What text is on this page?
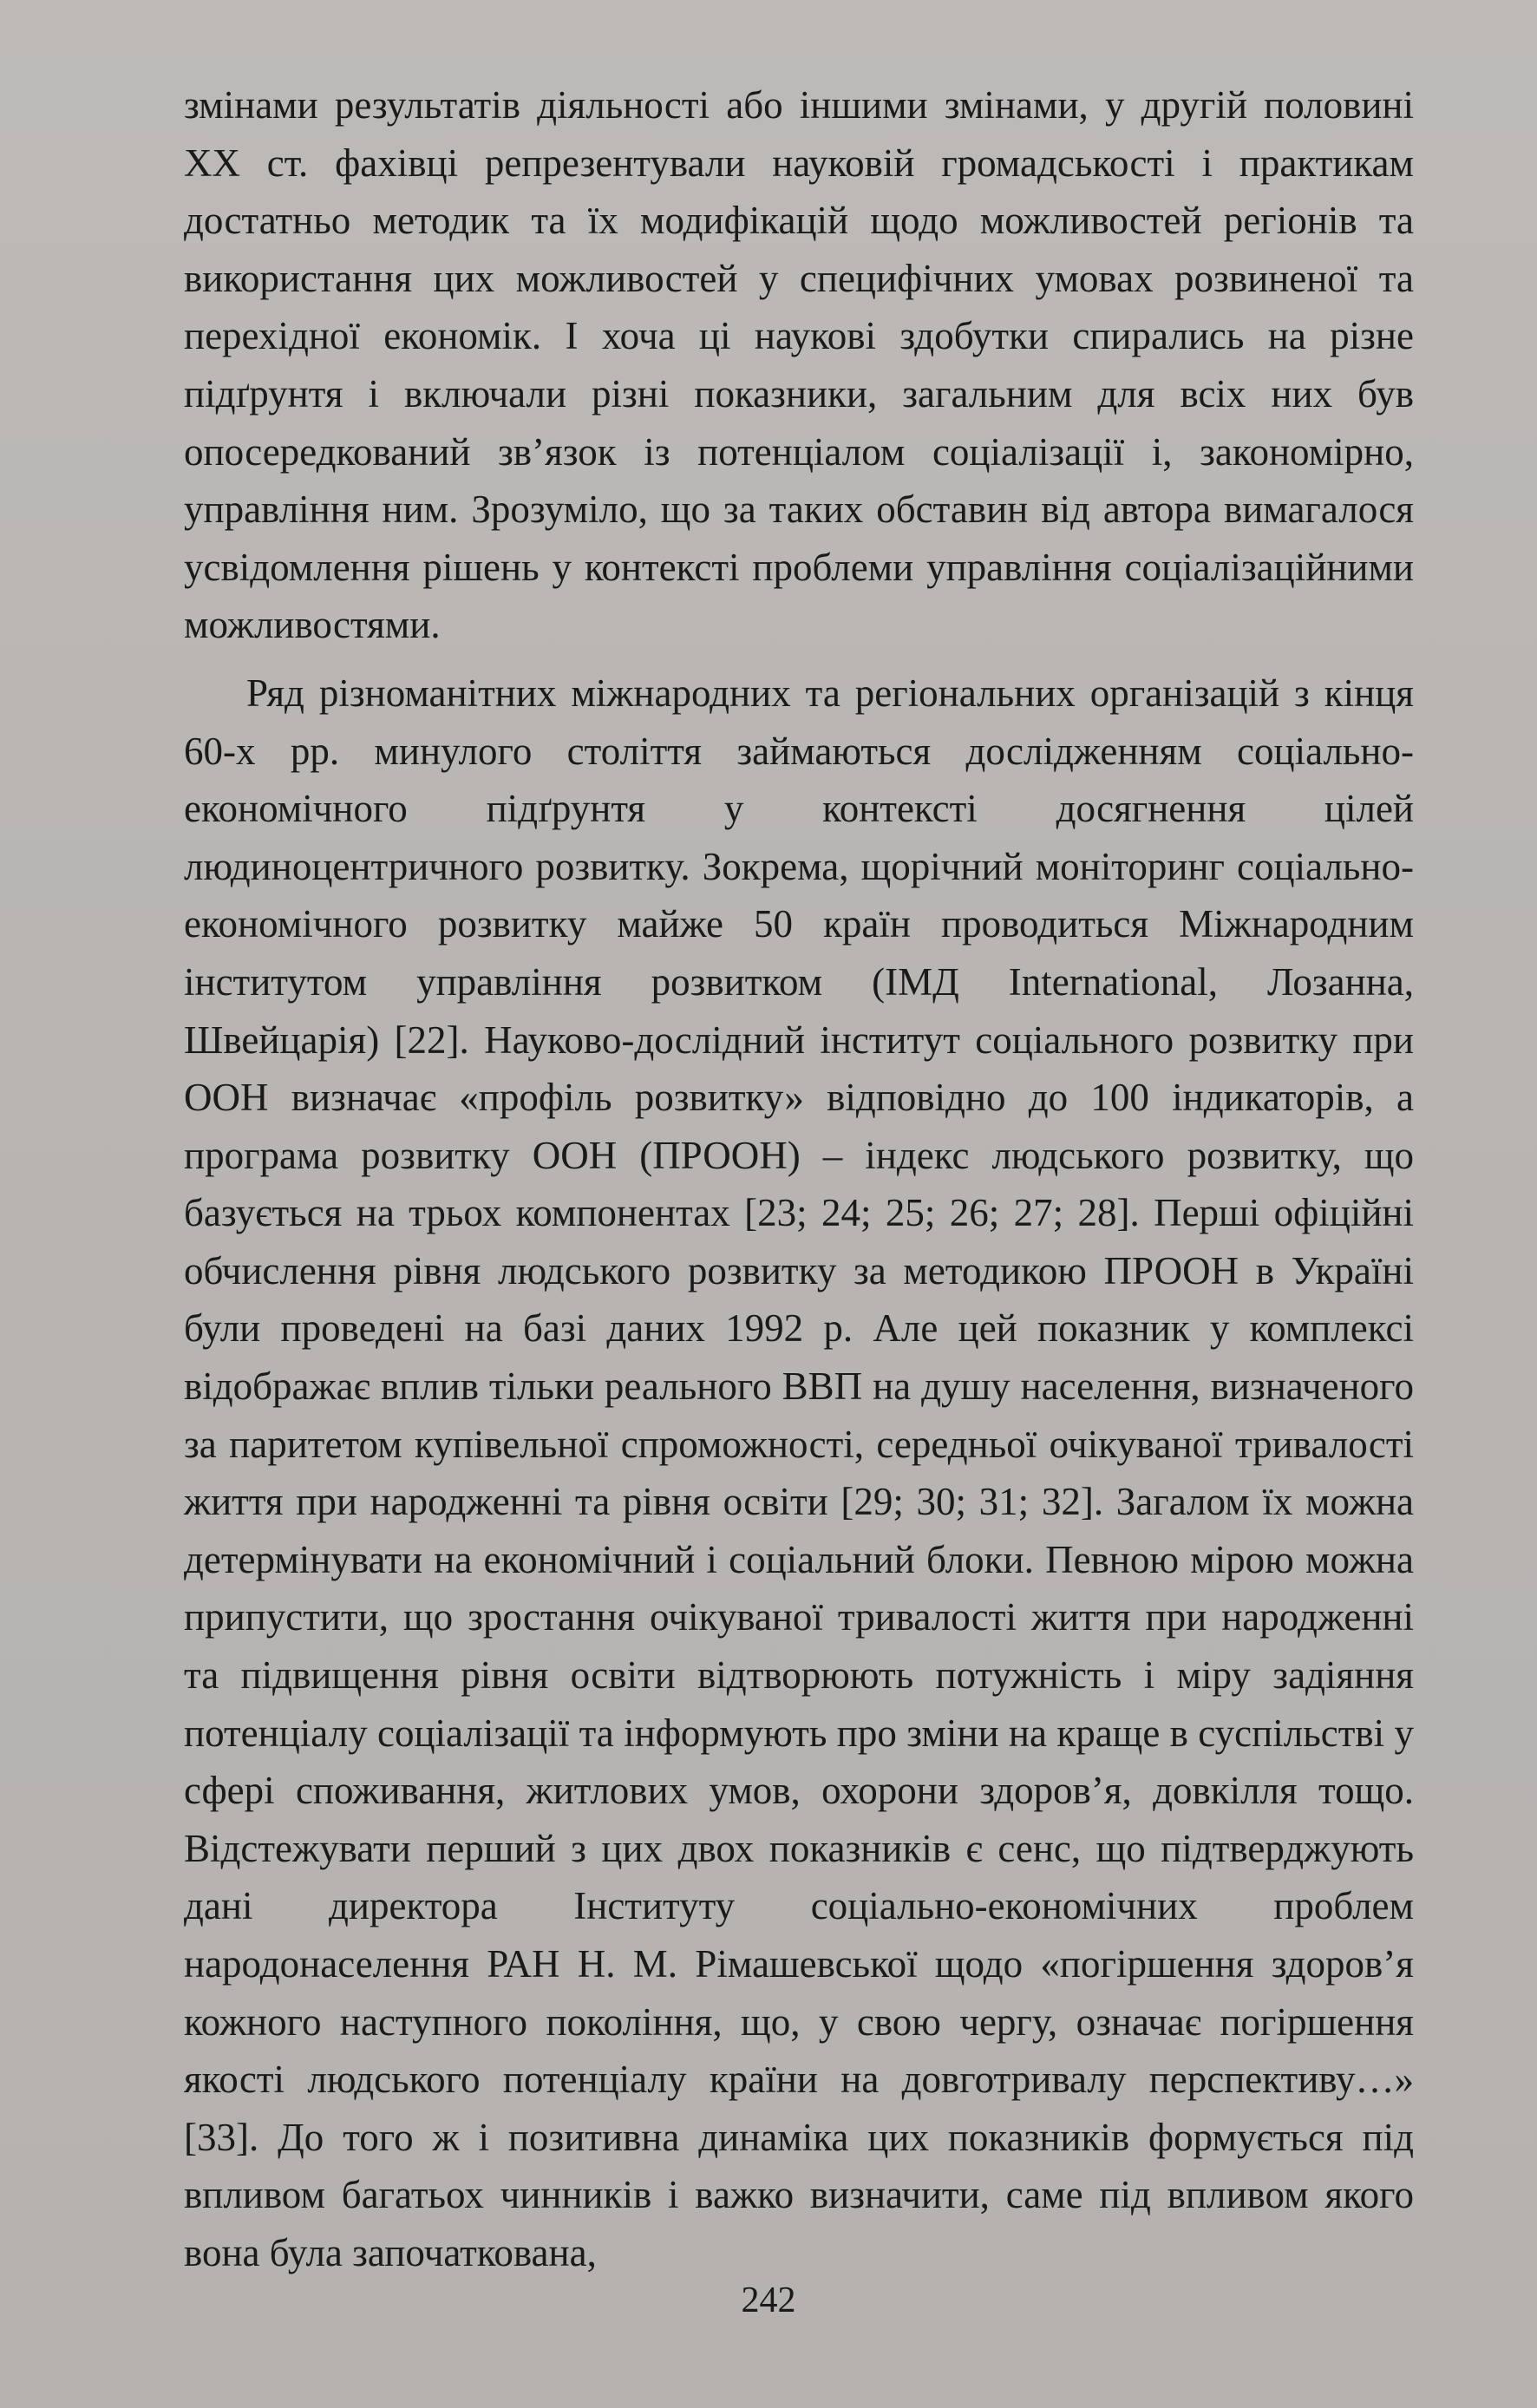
змінами результатів діяльності або іншими змінами, у другій половині XX ст. фахівці репрезентували науковій громадськості і практикам достатньо методик та їх модифікацій щодо можливостей регіонів та використання цих можливостей у специфічних умовах розвиненої та перехідної економік. І хоча ці наукові здобутки спирались на різне підґрунтя і включали різні показники, загальним для всіх них був опосередкований зв’язок із потенціалом соціалізації і, закономірно, управління ним. Зрозуміло, що за таких обставин від автора вимагалося усвідомлення рішень у контексті проблеми управління соціалізаційними можливостями.

Ряд різноманітних міжнародних та регіональних організацій з кінця 60-х рр. минулого століття займаються дослідженням соціально-економічного підґрунтя у контексті досягнення цілей людиноцентричного розвитку. Зокрема, щорічний моніторинг соціально-економічного розвитку майже 50 країн проводиться Міжнародним інститутом управління розвитком (IМД International, Лозанна, Швейцарія) [22]. Науково-дослідний інститут соціального розвитку при ООН визначає «профіль розвитку» відповідно до 100 індикаторів, а програма розвитку ООН (ПРООН) – індекс людського розвитку, що базується на трьох компонентах [23; 24; 25; 26; 27; 28]. Перші офіційні обчислення рівня людського розвитку за методикою ПРООН в Україні були проведені на базі даних 1992 р. Але цей показник у комплексі відображає вплив тільки реального ВВП на душу населення, визначеного за паритетом купівельної спроможності, середньої очікуваної тривалості життя при народженні та рівня освіти [29; 30; 31; 32]. Загалом їх можна детермінувати на економічний і соціальний блоки. Певною мірою можна припустити, що зростання очікуваної тривалості життя при народженні та підвищення рівня освіти відтворюють потужність і міру задіяння потенціалу соціалізації та інформують про зміни на краще в суспільстві у сфері споживання, житлових умов, охорони здоров’я, довкілля тощо. Відстежувати перший з цих двох показників є сенс, що підтверджують дані директора Інституту соціально-економічних проблем народонаселення РАН Н. М. Рімашевської щодо «погіршення здоров’я кожного наступного покоління, що, у свою чергу, означає погіршення якості людського потенціалу країни на довготривалу перспективу…» [33]. До того ж і позитивна динаміка цих показників формується під впливом багатьох чинників і важко визначити, саме під впливом якого вона була започаткована,

242
